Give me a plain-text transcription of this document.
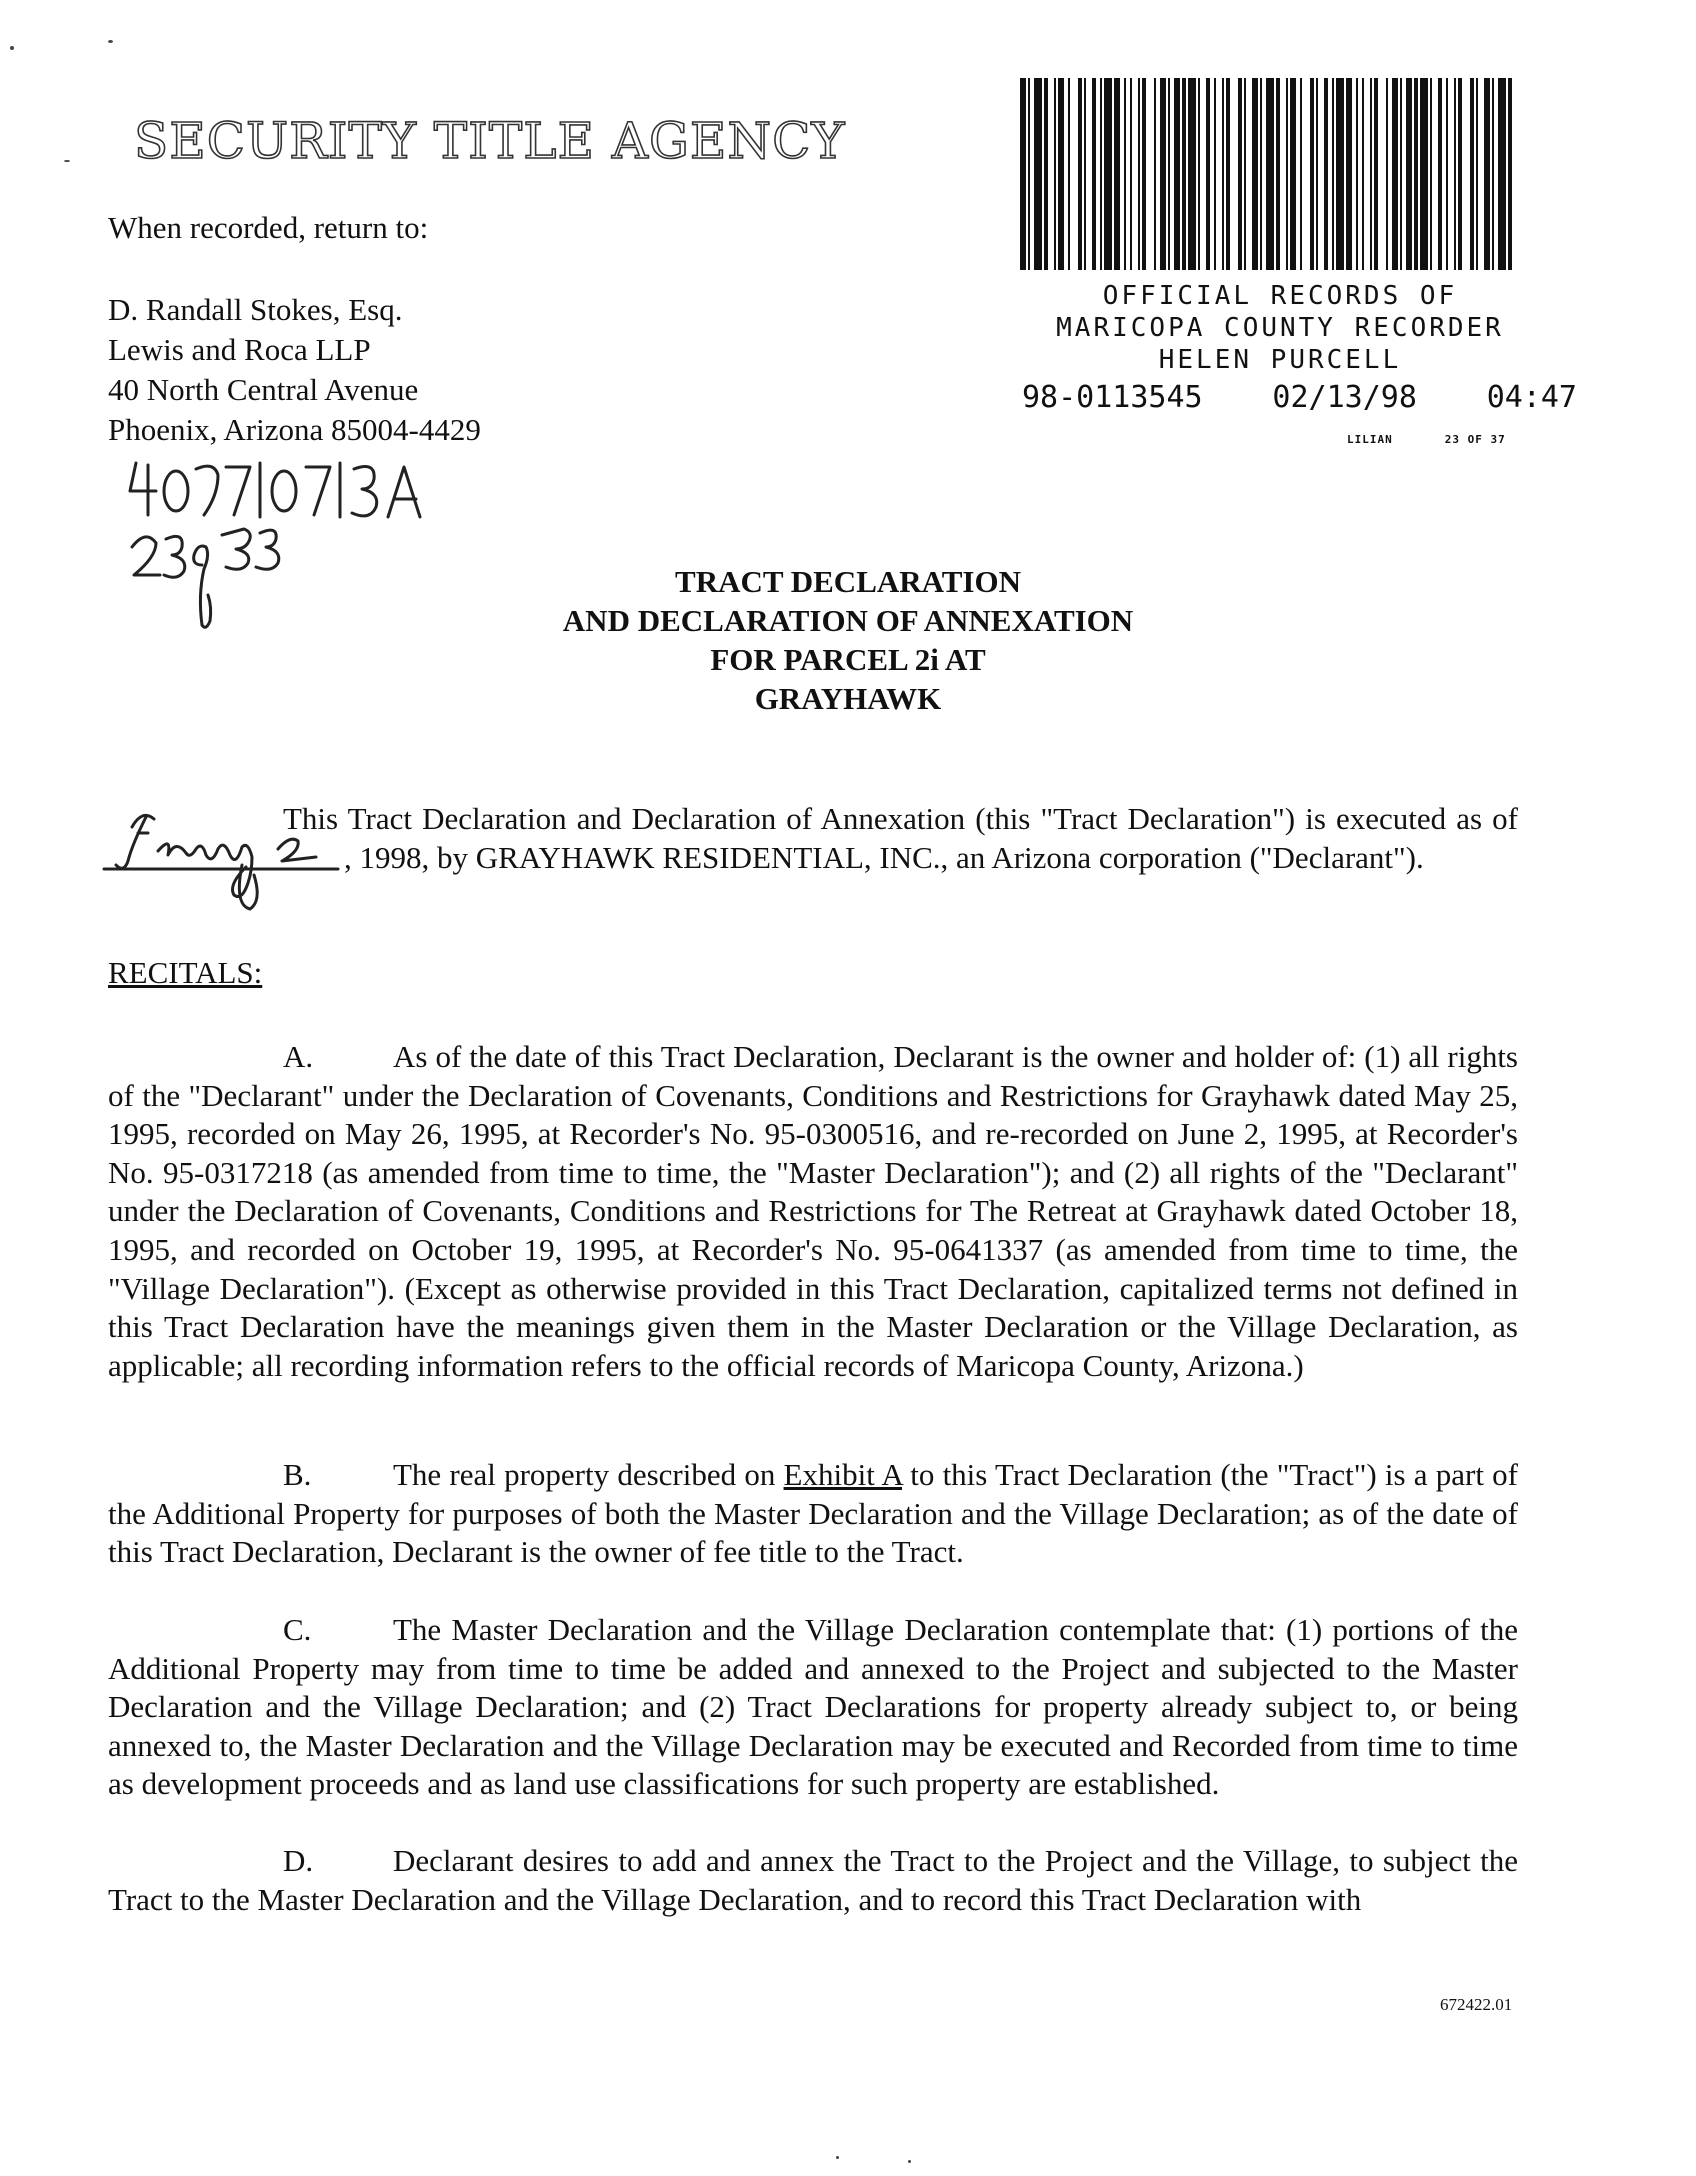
SECURITY TITLE AGENCY
When recorded, return to:
D. Randall Stokes, Esq.
Lewis and Roca LLP
40 North Central Avenue
Phoenix, Arizona 85004-4429
OFFICIAL RECORDS OF
MARICOPA COUNTY RECORDER
HELEN PURCELL
98-0113545 02/13/98 04:47
LILIAN	23 OF 37
TRACT DECLARATION
AND DECLARATION OF ANNEXATION
FOR PARCEL 2i AT
GRAYHAWK
This Tract Declaration and Declaration of Annexation (this "Tract Declaration") is executed as of
, 1998, by GRAYHAWK RESIDENTIAL, INC., an Arizona corporation ("Declarant").
RECITALS:
A.	As of the date of this Tract Declaration, Declarant is the owner and holder of: (1) all rights of the "Declarant" under the Declaration of Covenants, Conditions and Restrictions for Grayhawk dated May 25, 1995, recorded on May 26, 1995, at Recorder's No. 95-0300516, and re-recorded on June 2, 1995, at Recorder's No. 95-0317218 (as amended from time to time, the "Master Declaration"); and (2) all rights of the "Declarant" under the Declaration of Covenants, Conditions and Restrictions for The Retreat at Grayhawk dated October 18, 1995, and recorded on October 19, 1995, at Recorder's No. 95-0641337 (as amended from time to time, the "Village Declaration"). (Except as otherwise provided in this Tract Declaration, capitalized terms not defined in this Tract Declaration have the meanings given them in the Master Declaration or the Village Declaration, as applicable; all recording information refers to the official records of Maricopa County, Arizona.)
B.	The real property described on Exhibit A to this Tract Declaration (the "Tract") is a part of the Additional Property for purposes of both the Master Declaration and the Village Declaration; as of the date of this Tract Declaration, Declarant is the owner of fee title to the Tract.
C.	The Master Declaration and the Village Declaration contemplate that: (1) portions of the Additional Property may from time to time be added and annexed to the Project and subjected to the Master Declaration and the Village Declaration; and (2) Tract Declarations for property already subject to, or being annexed to, the Master Declaration and the Village Declaration may be executed and Recorded from time to time as development proceeds and as land use classifications for such property are established.
D.	Declarant desires to add and annex the Tract to the Project and the Village, to subject the Tract to the Master Declaration and the Village Declaration, and to record this Tract Declaration with
672422.01
